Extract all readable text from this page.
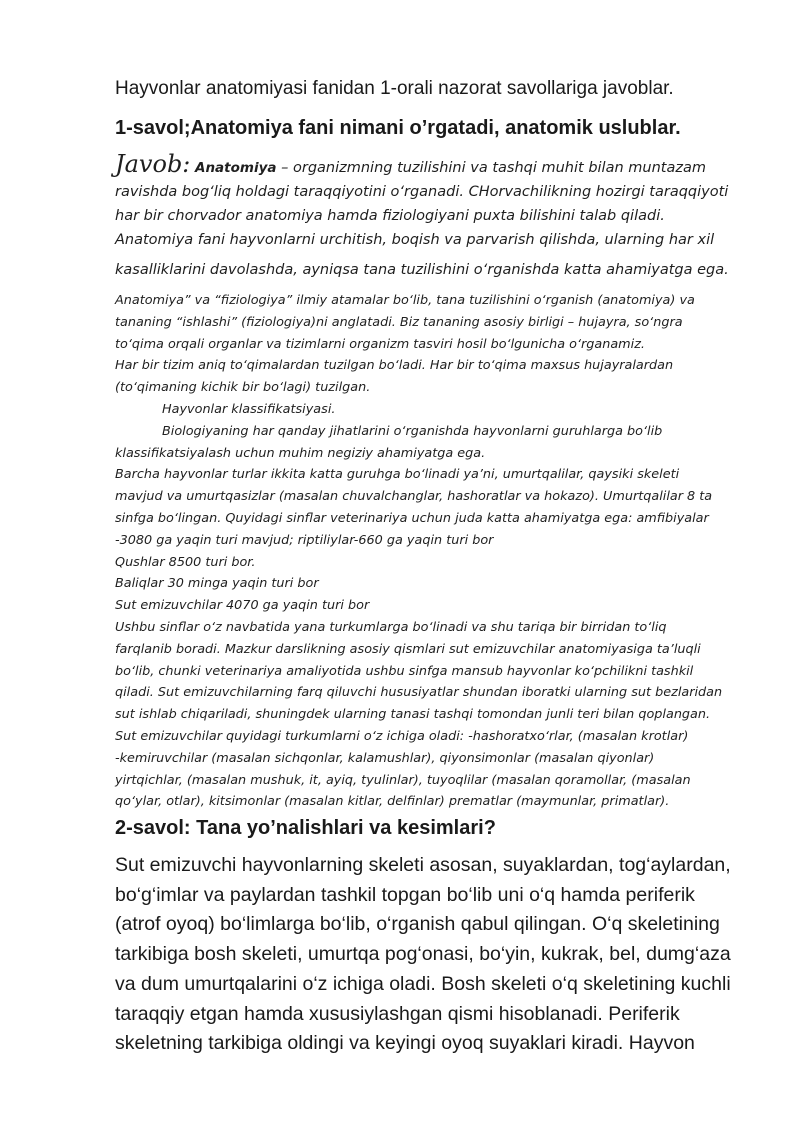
Hayvonlar anatomiyasi fanidan 1-orali nazorat savollariga javoblar.
1-savol;Anatomiya fani nimani o’rgatadi, anatomik uslublar.
Javob: Anatomiya – organizmning tuzilishini va tashqi muhit bilan muntazam
ravishda bog‘liq holdagi taraqqiyotini o‘rganadi. CHorvachilikning hozirgi taraqqiyoti
har bir chorvador anatomiya hamda fiziologiyani puxta bilishini talab qiladi.
Anatomiya fani hayvonlarni urchitish, boqish va parvarish qilishda, ularning har xil
kasalliklarini davolashda, ayniqsa tana tuzilishini o‘rganishda katta ahamiyatga ega.
Anatomiya” va “fiziologiya” ilmiy atamalar bo‘lib, tana tuzilishini o‘rganish (anatomiya) va
tananing “ishlashi” (fiziologiya)ni anglatadi. Biz tananing asosiy birligi – hujayra, so‘ngra
to‘qima orqali organlar va tizimlarni organizm tasviri hosil bo‘lgunicha o‘rganamiz.
Har bir tizim aniq to‘qimalardan tuzilgan bo‘ladi. Har bir to‘qima maxsus hujayralardan
(to‘qimaning kichik bir bo‘lagi) tuzilgan.
Hayvonlar klassifikatsiyasi.
Biologiyaning har qanday jihatlarini o‘rganishda hayvonlarni guruhlarga bo‘lib
klassifikatsiyalash uchun muhim negiziy ahamiyatga ega.
Barcha hayvonlar turlar ikkita katta guruhga bo‘linadi ya’ni, umurtqalilar, qaysiki skeleti
mavjud va umurtqasizlar (masalan chuvalchanglar, hashoratlar va hokazo). Umurtqalilar 8 ta
sinfga bo‘lingan. Quyidagi sinflar veterinariya uchun juda katta ahamiyatga ega: amfibiyalar
-3080 ga yaqin turi mavjud; riptiliylar-660 ga yaqin turi bor
Qushlar 8500 turi bor.
Baliqlar 30 minga yaqin turi bor
Sut emizuvchilar 4070 ga yaqin turi bor
Ushbu sinflar o‘z navbatida yana turkumlarga bo‘linadi va shu tariqa bir birridan to‘liq
farqlanib boradi. Mazkur darslikning asosiy qismlari sut emizuvchilar anatomiyasiga ta’luqli
bo‘lib, chunki veterinariya amaliyotida ushbu sinfga mansub hayvonlar ko‘pchilikni tashkil
qiladi. Sut emizuvchilarning farq qiluvchi hususiyatlar shundan iboratki ularning sut bezlaridan
sut ishlab chiqariladi, shuningdek ularning tanasi tashqi tomondan junli teri bilan qoplangan.
Sut emizuvchilar quyidagi turkumlarni o‘z ichiga oladi: -hashoratxo‘rlar, (masalan krotlar)
-kemiruvchilar (masalan sichqonlar, kalamushlar), qiyonsimonlar (masalan qiyonlar)
yirtqichlar, (masalan mushuk, it, ayiq, tyulinlar), tuyoqlilar (masalan qoramollar, (masalan
qo‘ylar, otlar), kitsimonlar (masalan kitlar, delfinlar) prematlar (maymunlar, primatlar).
2-savol: Tana yo’nalishlari va kesimlari?
Sut emizuvchi hayvonlarning skeleti asosan, suyaklardan, tog‘aylardan,
bo‘g‘imlar va paylardan tashkil topgan bo‘lib uni o‘q hamda periferik
(atrof oyoq) bo‘limlarga bo‘lib, o‘rganish qabul qilingan. O‘q skeletining
tarkibiga bosh skeleti, umurtqa pog‘onasi, bo‘yin, kukrak, bel, dumg‘aza
va dum umurtqalarini o‘z ichiga oladi. Bosh skeleti o‘q skeletining kuchli
taraqqiy etgan hamda xususiylashgan qismi hisoblanadi. Periferik
skeletning tarkibiga oldingi va keyingi oyoq suyaklari kiradi. Hayvon
